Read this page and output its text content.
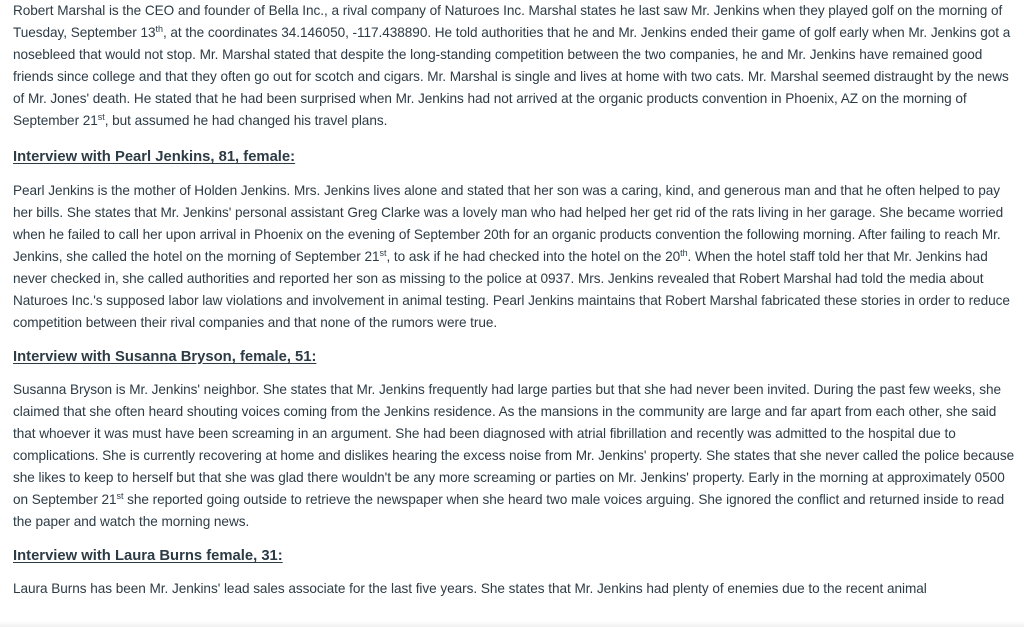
Robert Marshal is the CEO and founder of Bella Inc., a rival company of Naturoes Inc. Marshal states he last saw Mr. Jenkins when they played golf on the morning of Tuesday, September 13th, at the coordinates 34.146050, -117.438890. He told authorities that he and Mr. Jenkins ended their game of golf early when Mr. Jenkins got a nosebleed that would not stop. Mr. Marshal stated that despite the long-standing competition between the two companies, he and Mr. Jenkins have remained good friends since college and that they often go out for scotch and cigars. Mr. Marshal is single and lives at home with two cats. Mr. Marshal seemed distraught by the news of Mr. Jones' death. He stated that he had been surprised when Mr. Jenkins had not arrived at the organic products convention in Phoenix, AZ on the morning of September 21st, but assumed he had changed his travel plans.

Interview with Pearl Jenkins, 81, female:

Pearl Jenkins is the mother of Holden Jenkins. Mrs. Jenkins lives alone and stated that her son was a caring, kind, and generous man and that he often helped to pay her bills. She states that Mr. Jenkins' personal assistant Greg Clarke was a lovely man who had helped her get rid of the rats living in her garage. She became worried when he failed to call her upon arrival in Phoenix on the evening of September 20th for an organic products convention the following morning. After failing to reach Mr. Jenkins, she called the hotel on the morning of September 21st, to ask if he had checked into the hotel on the 20th. When the hotel staff told her that Mr. Jenkins had never checked in, she called authorities and reported her son as missing to the police at 0937. Mrs. Jenkins revealed that Robert Marshal had told the media about Naturoes Inc.'s supposed labor law violations and involvement in animal testing. Pearl Jenkins maintains that Robert Marshal fabricated these stories in order to reduce competition between their rival companies and that none of the rumors were true.

Interview with Susanna Bryson, female, 51:

Susanna Bryson is Mr. Jenkins' neighbor. She states that Mr. Jenkins frequently had large parties but that she had never been invited. During the past few weeks, she claimed that she often heard shouting voices coming from the Jenkins residence. As the mansions in the community are large and far apart from each other, she said that whoever it was must have been screaming in an argument. She had been diagnosed with atrial fibrillation and recently was admitted to the hospital due to complications. She is currently recovering at home and dislikes hearing the excess noise from Mr. Jenkins' property. She states that she never called the police because she likes to keep to herself but that she was glad there wouldn't be any more screaming or parties on Mr. Jenkins' property. Early in the morning at approximately 0500 on September 21st she reported going outside to retrieve the newspaper when she heard two male voices arguing. She ignored the conflict and returned inside to read the paper and watch the morning news.

Interview with Laura Burns female, 31:

Laura Burns has been Mr. Jenkins' lead sales associate for the last five years. She states that Mr. Jenkins had plenty of enemies due to the recent animal
